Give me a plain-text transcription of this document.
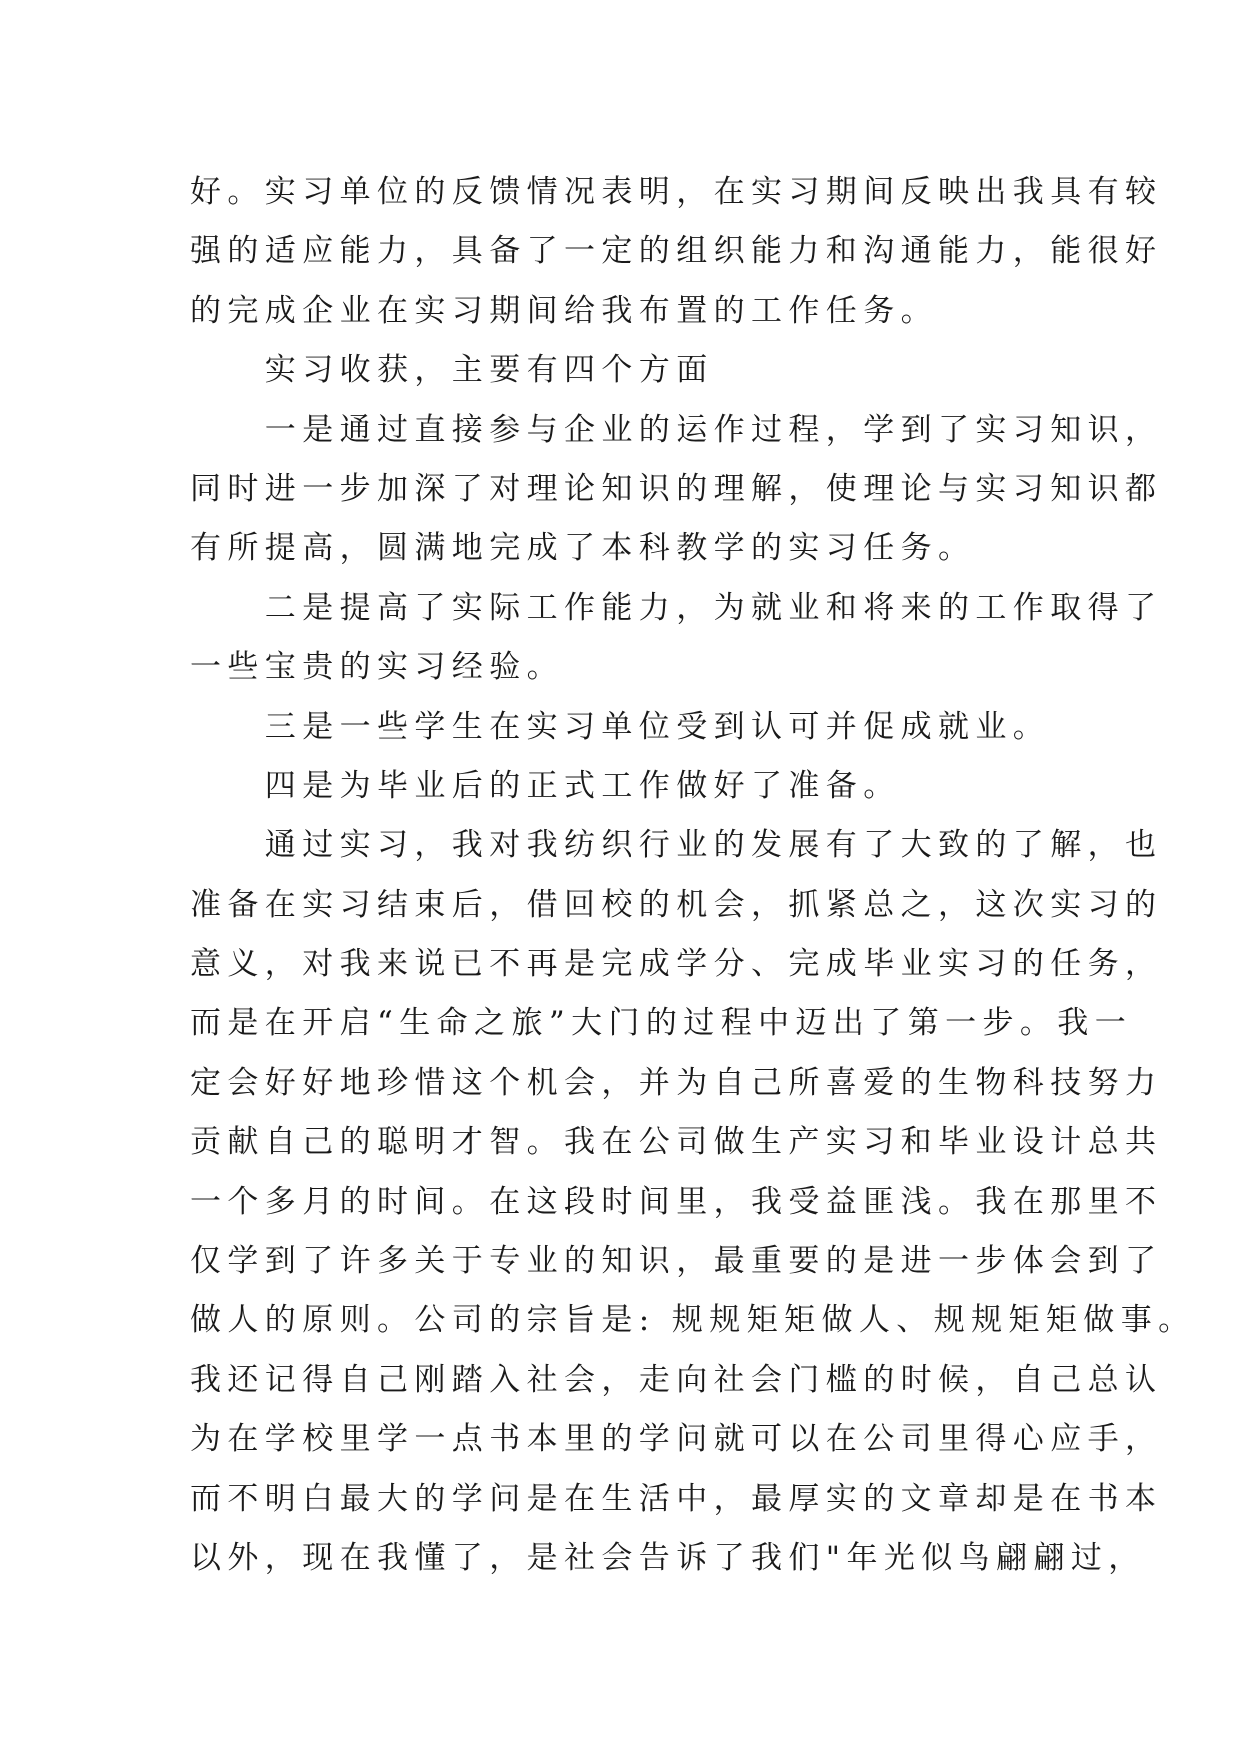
好。实习单位的反馈情况表明，在实习期间反映出我具有较
强的适应能力，具备了一定的组织能力和沟通能力，能很好
的完成企业在实习期间给我布置的工作任务。
　　实习收获，主要有四个方面
　　一是通过直接参与企业的运作过程，学到了实习知识，
同时进一步加深了对理论知识的理解，使理论与实习知识都
有所提高，圆满地完成了本科教学的实习任务。
　　二是提高了实际工作能力，为就业和将来的工作取得了
一些宝贵的实习经验。
　　三是一些学生在实习单位受到认可并促成就业。
　　四是为毕业后的正式工作做好了准备。
　　通过实习，我对我纺织行业的发展有了大致的了解，也
准备在实习结束后，借回校的机会，抓紧总之，这次实习的
意义，对我来说已不再是完成学分、完成毕业实习的任务，
而是在开启“生命之旅”大门的过程中迈出了第一步。我一
定会好好地珍惜这个机会，并为自己所喜爱的生物科技努力
贡献自己的聪明才智。我在公司做生产实习和毕业设计总共
一个多月的时间。在这段时间里，我受益匪浅。我在那里不
仅学到了许多关于专业的知识，最重要的是进一步体会到了
做人的原则。公司的宗旨是: 规规矩矩做人、规规矩矩做事。
我还记得自己刚踏入社会，走向社会门槛的时候，自己总认
为在学校里学一点书本里的学问就可以在公司里得心应手，
而不明白最大的学问是在生活中，最厚实的文章却是在书本
以外，现在我懂了，是社会告诉了我们"年光似鸟翩翩过，
